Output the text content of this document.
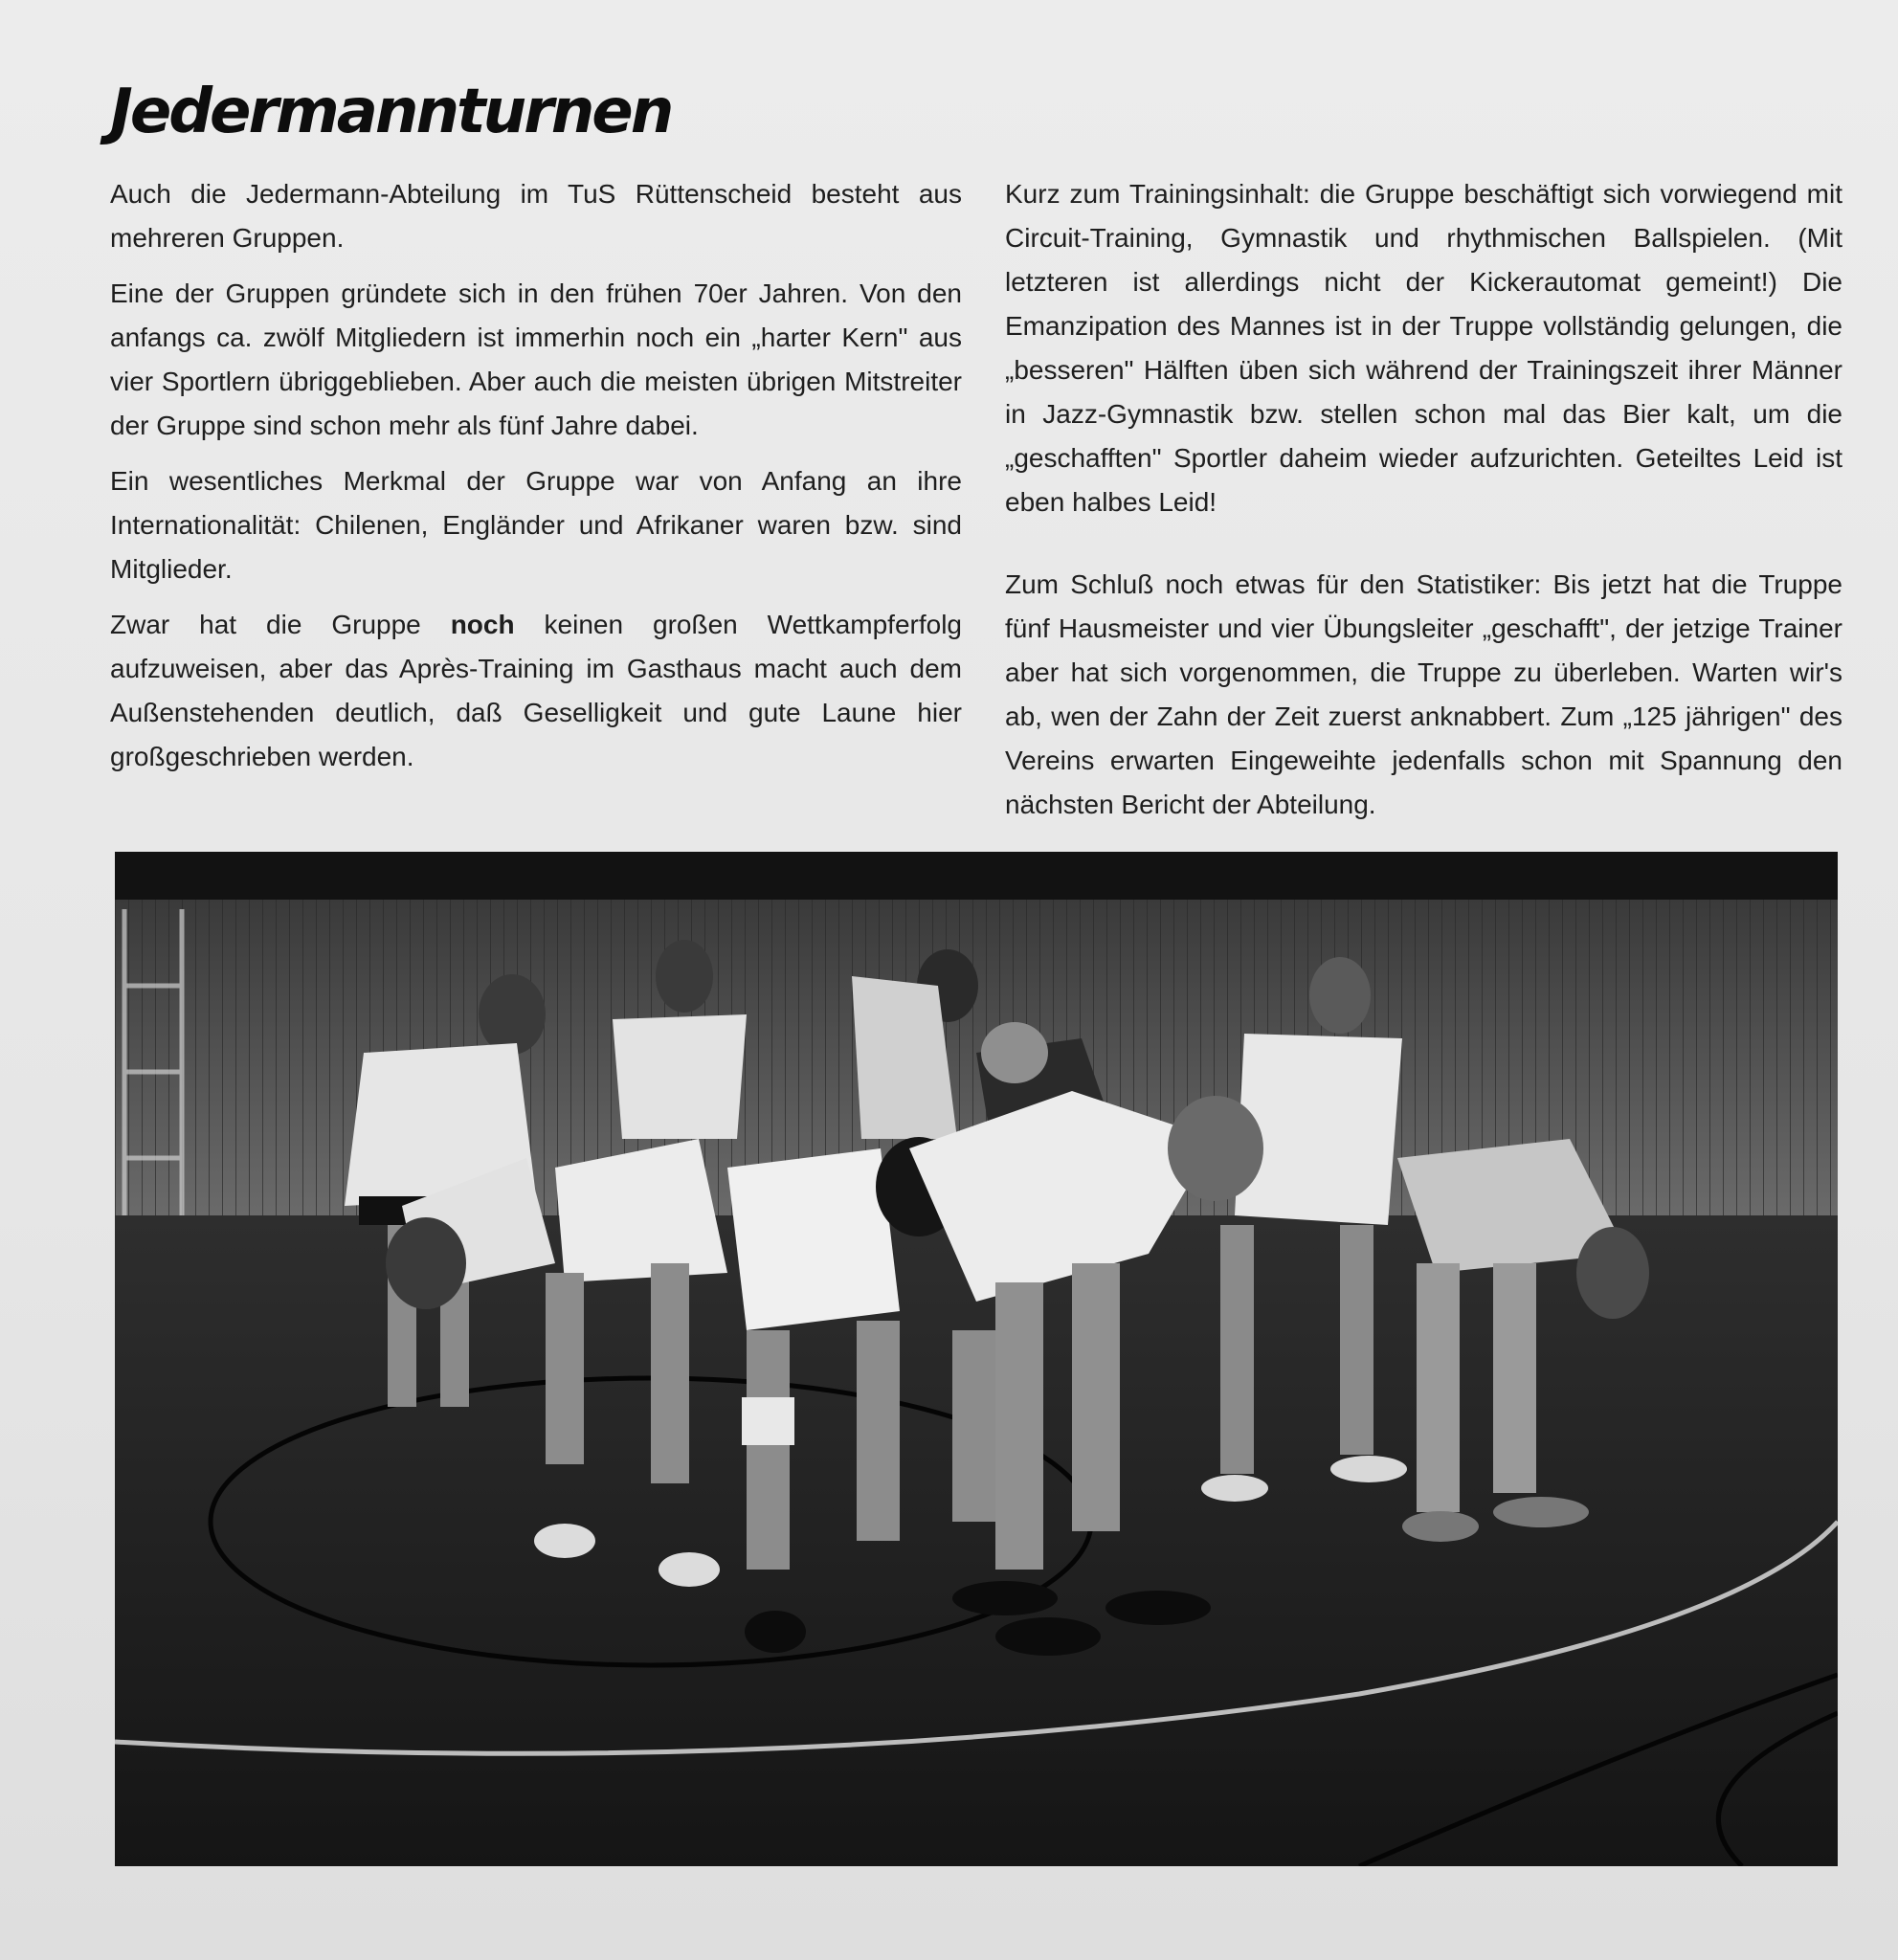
Jedermannturnen

Auch die Jedermann-Abteilung im TuS Rüttenscheid besteht aus mehreren Gruppen.

Eine der Gruppen gründete sich in den frühen 70er Jahren. Von den anfangs ca. zwölf Mitgliedern ist immerhin noch ein „harter Kern" aus vier Sportlern übriggeblieben. Aber auch die meisten übrigen Mitstreiter der Gruppe sind schon mehr als fünf Jahre dabei.

Ein wesentliches Merkmal der Gruppe war von Anfang an ihre Internationalität: Chilenen, Engländer und Afrikaner waren bzw. sind Mitglieder.

Zwar hat die Gruppe noch keinen großen Wettkampferfolg aufzuweisen, aber das Après-Training im Gasthaus macht auch dem Außenstehenden deutlich, daß Geselligkeit und gute Laune hier großgeschrieben werden.

Kurz zum Trainingsinhalt: die Gruppe beschäftigt sich vorwiegend mit Circuit-Training, Gymnastik und rhythmischen Ballspielen. (Mit letzteren ist allerdings nicht der Kickerautomat gemeint!) Die Emanzipation des Mannes ist in der Truppe vollständig gelungen, die „besseren" Hälften üben sich während der Trainingszeit ihrer Männer in Jazz-Gymnastik bzw. stellen schon mal das Bier kalt, um die „geschafften" Sportler daheim wieder aufzurichten. Geteiltes Leid ist eben halbes Leid!

Zum Schluß noch etwas für den Statistiker: Bis jetzt hat die Truppe fünf Hausmeister und vier Übungsleiter „geschafft", der jetzige Trainer aber hat sich vorgenommen, die Truppe zu überleben. Warten wir's ab, wen der Zahn der Zeit zuerst anknabbert. Zum „125 jährigen" des Vereins erwarten Eingeweihte jedenfalls schon mit Spannung den nächsten Bericht der Abteilung.
